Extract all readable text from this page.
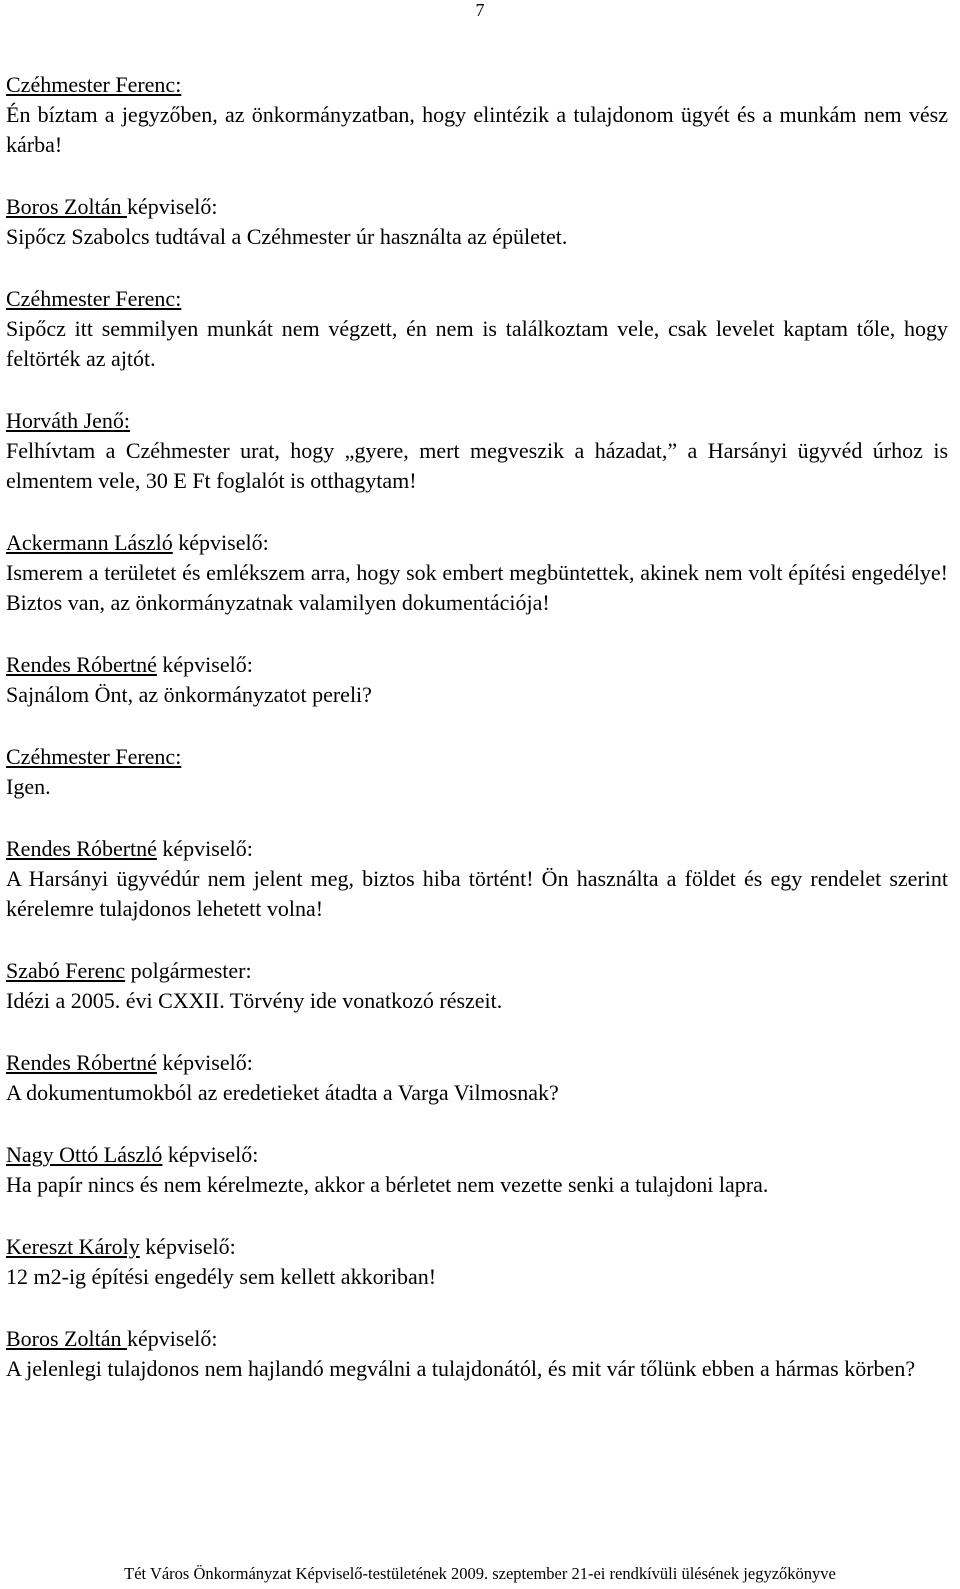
7
Czéhmester Ferenc:
Én bíztam a jegyzőben, az önkormányzatban, hogy elintézik a tulajdonom ügyét és a munkám nem vész kárba!
Boros Zoltán képviselő:
Sipőcz Szabolcs tudtával a Czéhmester úr használta az épületet.
Czéhmester Ferenc:
Sipőcz itt semmilyen munkát nem végzett, én nem is találkoztam vele, csak levelet kaptam tőle, hogy feltörték az ajtót.
Horváth Jenő:
Felhívtam a Czéhmester urat, hogy „gyere, mert megveszik a házadat,” a Harsányi ügyvéd úrhoz is elmentem vele, 30 E Ft foglalót is otthagytam!
Ackermann László képviselő:
Ismerem a területet és emlékszem arra, hogy sok embert megbüntettek, akinek nem volt építési engedélye! Biztos van, az önkormányzatnak valamilyen dokumentációja!
Rendes Róbertné képviselő:
Sajnálom Önt, az önkormányzatot pereli?
Czéhmester Ferenc:
Igen.
Rendes Róbertné képviselő:
A Harsányi ügyvédúr nem jelent meg, biztos hiba történt! Ön használta a földet és egy rendelet szerint kérelemre tulajdonos lehetett volna!
Szabó Ferenc polgármester:
Idézi a 2005. évi CXXII. Törvény ide vonatkozó részeit.
Rendes Róbertné képviselő:
A dokumentumokból az eredetieket átadta a Varga Vilmosnak?
Nagy Ottó László képviselő:
Ha papír nincs és nem kérelmezte, akkor a bérletet nem vezette senki a tulajdoni lapra.
Kereszt Károly képviselő:
12 m2-ig építési engedély sem kellett akkoriban!
Boros Zoltán képviselő:
A jelenlegi tulajdonos nem hajlandó megválni a tulajdonától, és mit vár tőlünk ebben a hármas körben?
Tét Város Önkormányzat Képviselő-testületének 2009. szeptember 21-ei rendkívüli ülésének jegyzőkönyve
